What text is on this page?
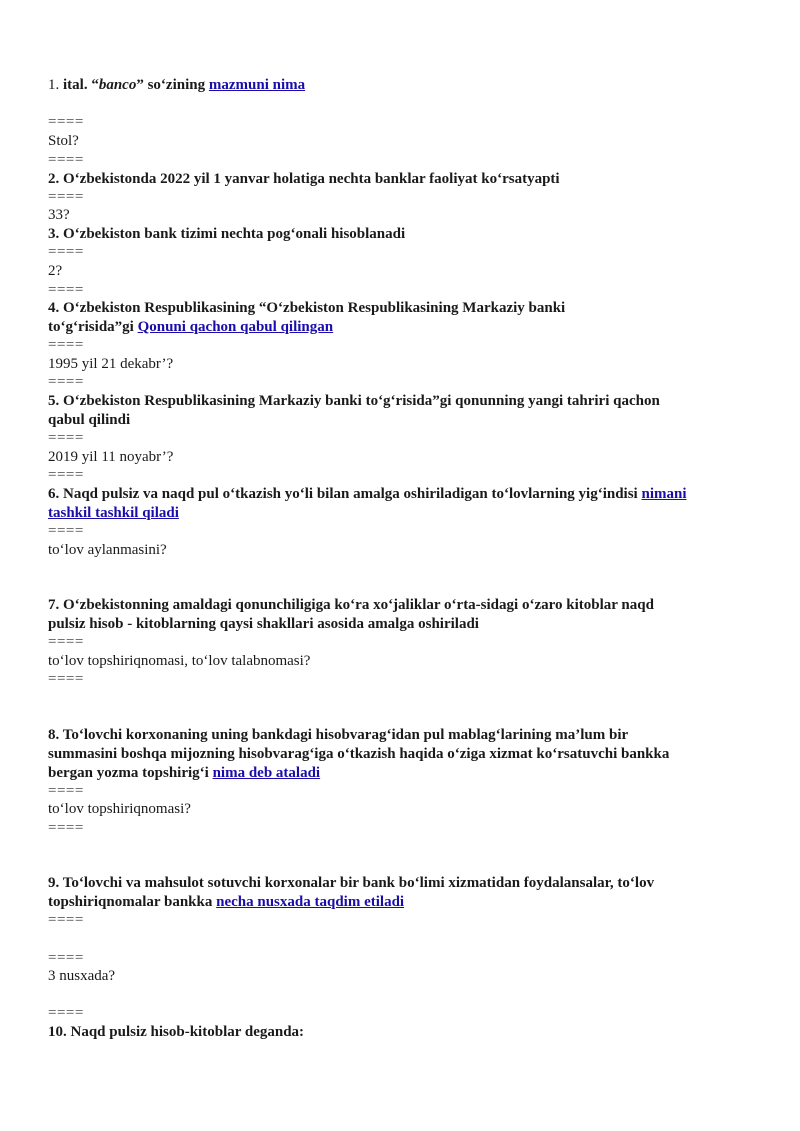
1. ital. “banco” so‘zining mazmuni nima
====
Stol?
====
2. O‘zbekistonda 2022 yil 1 yanvar holatiga nechta banklar faoliyat ko‘rsatyapti
====
33?
3. O‘zbekiston bank tizimi nechta pog‘onali hisoblanadi
====
2?
====
4. O‘zbekiston Respublikasining “O‘zbekiston Respublikasining Markaziy banki
to‘g‘risida”gi Qonuni qachon qabul qilingan
====
1995 yil 21 dekabr’?
====
5. O‘zbekiston Respublikasining Markaziy banki to‘g‘risida”gi qonunning yangi tahriri qachon
qabul qilindi
====
2019 yil 11 noyabr’?
====
6. Naqd pulsiz va naqd pul o‘tkazish yo‘li bilan amalga oshiriladigan to‘lovlarning yig‘indisi nimani
tashkil tashkil qiladi
====
to‘lov aylanmasini?
7. O‘zbekistonning amaldagi qonunchiligiga ko‘ra xo‘jaliklar o‘rta-sidagi o‘zaro kitoblar naqd
pulsiz hisob - kitoblarning qaysi shakllari asosida amalga oshiriladi
====
to‘lov topshiriqnomasi, to‘lov talabnomasi?
====
8. To‘lovchi korxonaning uning bankdagi hisobvarag‘idan pul mablag‘larining ma’lum bir
summasini boshqa mijozning hisobvarag‘iga o‘tkazish haqida o‘ziga xizmat ko‘rsatuvchi bankka
bergan yozma topshirig‘i nima deb ataladi
====
to‘lov topshiriqnomasi?
====
9. To‘lovchi va mahsulot sotuvchi korxonalar bir bank bo‘limi xizmatidan foydalansalar, to‘lov
topshiriqnomalar bankka necha nusxada taqdim etiladi
====
====
3 nusxada?
====
10. Naqd pulsiz hisob-kitoblar deganda:
